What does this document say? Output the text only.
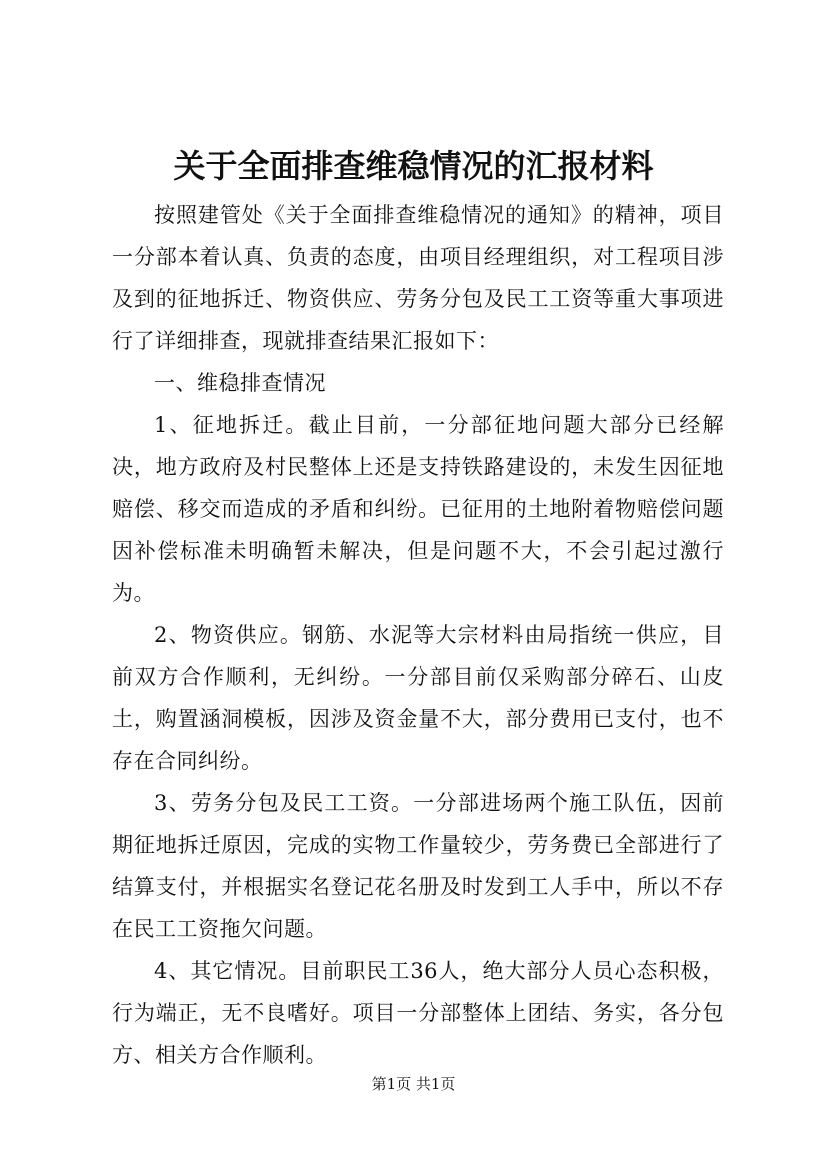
关于全面排查维稳情况的汇报材料

按照建管处《关于全面排查维稳情况的通知》的精神，项目一分部本着认真、负责的态度，由项目经理组织，对工程项目涉及到的征地拆迁、物资供应、劳务分包及民工工资等重大事项进行了详细排查，现就排查结果汇报如下：

一、维稳排查情况

1、征地拆迁。截止目前，一分部征地问题大部分已经解决，地方政府及村民整体上还是支持铁路建设的，未发生因征地赔偿、移交而造成的矛盾和纠纷。已征用的土地附着物赔偿问题因补偿标准未明确暂未解决，但是问题不大，不会引起过激行为。

2、物资供应。钢筋、水泥等大宗材料由局指统一供应，目前双方合作顺利，无纠纷。一分部目前仅采购部分碎石、山皮土，购置涵洞模板，因涉及资金量不大，部分费用已支付，也不存在合同纠纷。

3、劳务分包及民工工资。一分部进场两个施工队伍，因前期征地拆迁原因，完成的实物工作量较少，劳务费已全部进行了结算支付，并根据实名登记花名册及时发到工人手中，所以不存在民工工资拖欠问题。

4、其它情况。目前职民工36人，绝大部分人员心态积极，行为端正，无不良嗜好。项目一分部整体上团结、务实，各分包方、相关方合作顺利。

第1页 共1页
